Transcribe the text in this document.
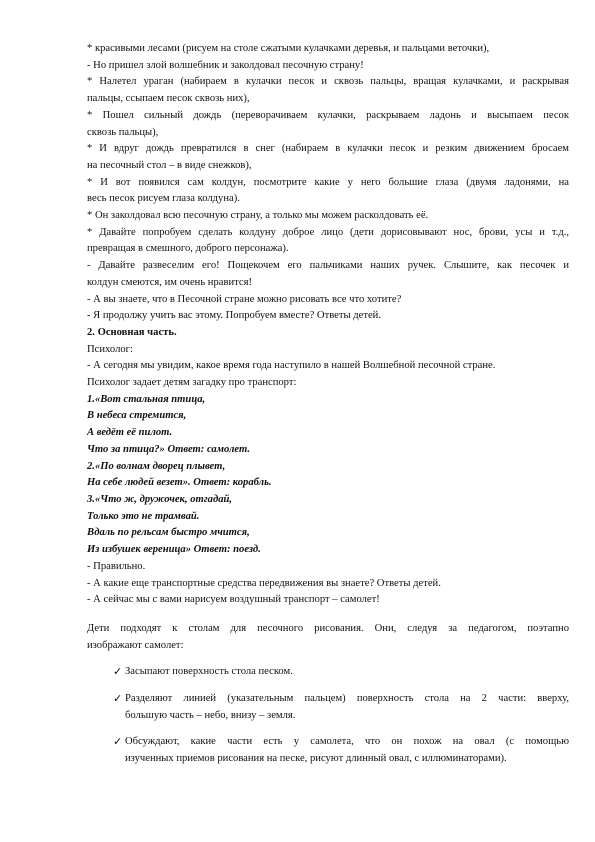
* красивыми лесами (рисуем на столе сжатыми кулачками деревья, и пальцами веточки),
- Но пришел злой волшебник и заколдовал песочную страну!
* Налетел ураган (набираем в кулачки песок и сквозь пальцы, вращая кулачками, и раскрывая
пальцы, ссыпаем песок сквозь них),
* Пошел сильный дождь (переворачиваем кулачки, раскрываем ладонь и высыпаем песок
сквозь пальцы),
* И вдруг дождь превратился в снег (набираем в кулачки песок и резким движением бросаем
на песочный стол – в виде снежков),
* И вот появился сам колдун, посмотрите какие у него большие глаза (двумя ладонями, на
весь песок рисуем глаза колдуна).
* Он заколдовал всю песочную страну, а только мы можем расколдовать её.
* Давайте попробуем сделать колдуну доброе лицо (дети дорисовывают нос, брови, усы и т.д.,
превращая в смешного, доброго персонажа).
- Давайте развеселим его! Пощекочем его пальчиками наших ручек. Слышите, как песочек и
колдун смеются, им очень нравится!
- А вы знаете, что в Песочной стране можно рисовать все что хотите?
- Я продолжу учить вас этому. Попробуем вместе? Ответы детей.
2. Основная часть.
Психолог:
- А сегодня мы увидим, какое время года наступило в нашей Волшебной песочной стране.
Психолог задает детям загадку про транспорт:
1.«Вот стальная птица,
В небеса стремится,
А ведёт её пилот.
Что за птица?» Ответ: самолет.
2.«По волнам дворец плывет,
На себе людей везет». Ответ: корабль.
3.«Что ж, дружочек, отгадай,
Только это не трамвай.
Вдаль по рельсам быстро мчится,
Из избушек вереница» Ответ: поезд.
- Правильно.
- А какие еще транспортные средства передвижения вы знаете? Ответы детей.
- А сейчас мы с вами нарисуем воздушный транспорт – самолет!
Дети подходят к столам для песочного рисования. Они, следуя за педагогом, поэтапно
изображают самолет:
✓ Засыпают поверхность стола песком.
✓ Разделяют линией (указательным пальцем) поверхность стола на 2 части: вверху,
большую часть – небо, внизу – земля.
✓ Обсуждают, какие части есть у самолета, что он похож на овал (с помощью
изученных приемов рисования на песке, рисуют длинный овал, с иллюминаторами).
